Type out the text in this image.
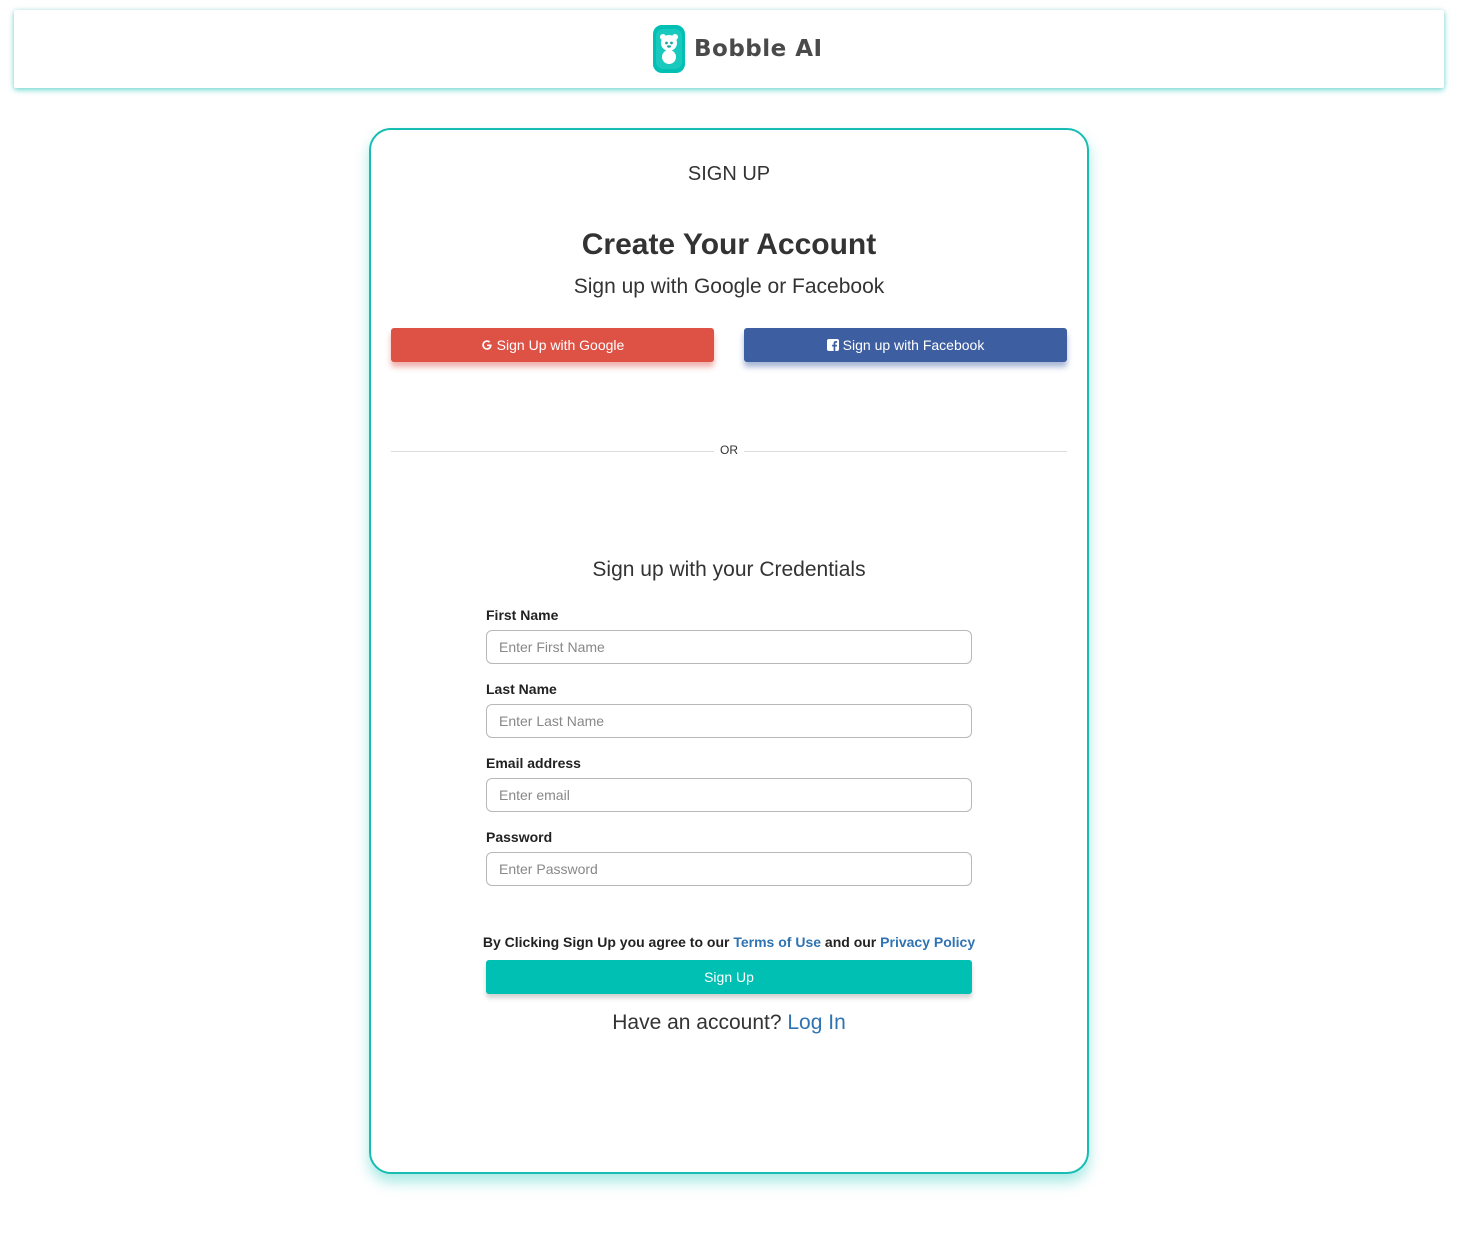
Bobble AI
SIGN UP
Create Your Account
Sign up with Google or Facebook
Sign Up with Google	Sign up with Facebook
OR
Sign up with your Credentials
First Name
Enter First Name
Last Name
Enter Last Name
Email address
Enter email
Password
By Clicking Sign Up you agree to our Terms of Use and our Privacy Policy
Sign Up
Have an account? Log In
